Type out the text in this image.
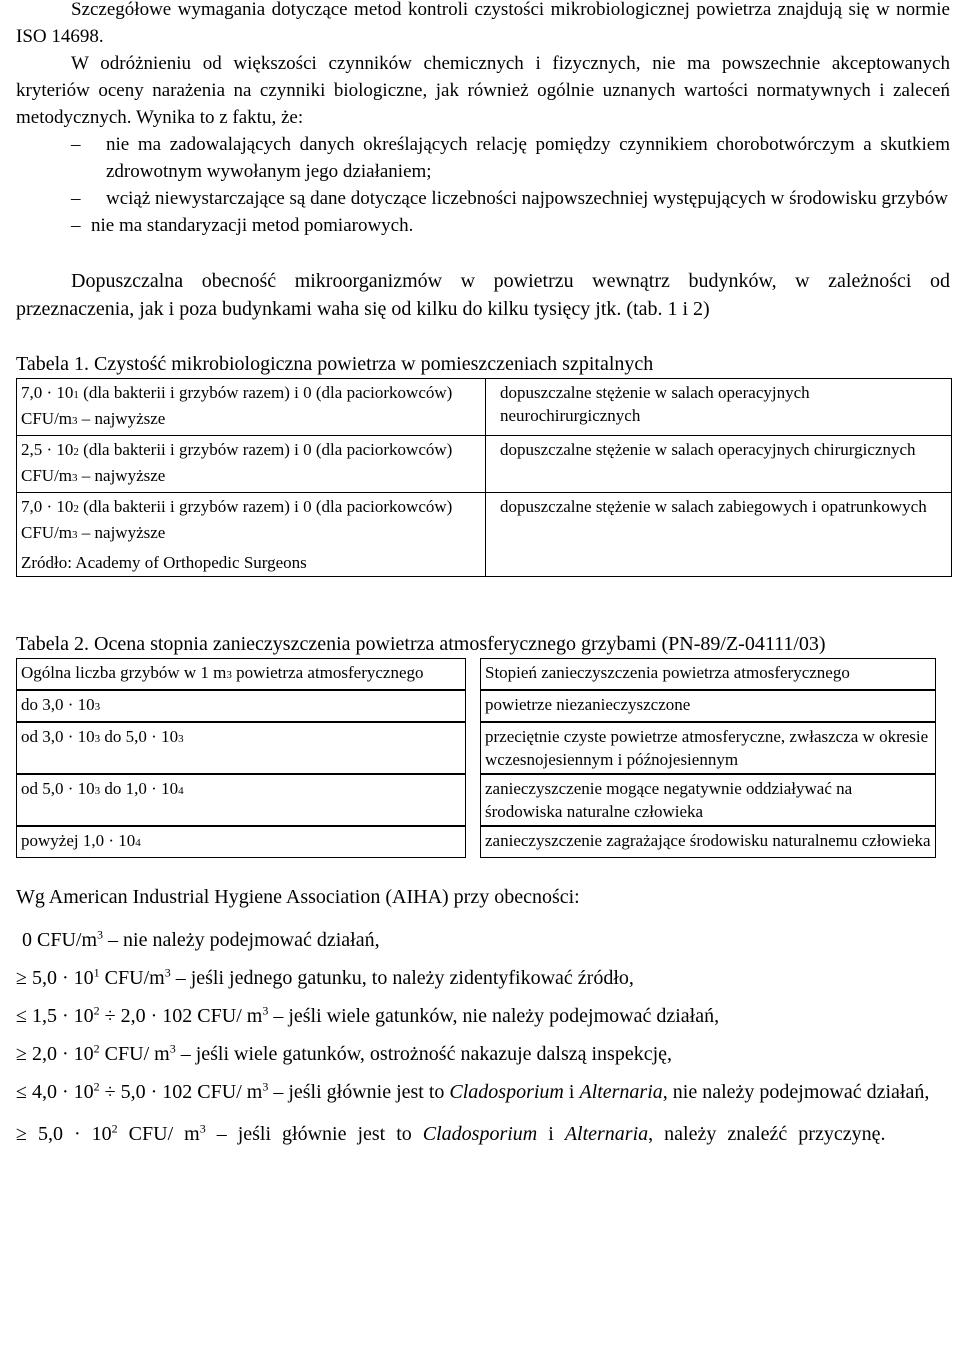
Szczegółowe wymagania dotyczące metod kontroli czystości mikrobiologicznej powietrza znajdują się w normie ISO 14698.

W odróżnieniu od większości czynników chemicznych i fizycznych, nie ma powszechnie akceptowanych kryteriów oceny narażenia na czynniki biologiczne, jak również ogólnie uznanych wartości normatywnych i zaleceń metodycznych. Wynika to z faktu, że:

– nie ma zadowalających danych określających relację pomiędzy czynnikiem chorobotwórczym a skutkiem zdrowotnym wywołanym jego działaniem;

– wciąż niewystarczające są dane dotyczące liczebności najpowszechniej występujących w środowisku grzybów

– nie ma standaryzacji metod pomiarowych.

Dopuszczalna obecność mikroorganizmów w powietrzu wewnątrz budynków, w zależności od przeznaczenia, jak i poza budynkami waha się od kilku do kilku tysięcy jtk. (tab. 1 i 2)

Tabela 1. Czystość mikrobiologiczna powietrza w pomieszczeniach szpitalnych

7,0 · 101 (dla bakterii i grzybów razem) i 0 (dla paciorkowców) CFU/m3 – najwyższe	dopuszczalne stężenie w salach operacyjnych neurochirurgicznych
2,5 · 102 (dla bakterii i grzybów razem) i 0 (dla paciorkowców) CFU/m3 – najwyższe	dopuszczalne stężenie w salach operacyjnych chirurgicznych
7,0 · 102 (dla bakterii i grzybów razem) i 0 (dla paciorkowców) CFU/m3 – najwyższe	dopuszczalne stężenie w salach zabiegowych i opatrunkowych
Zródło: Academy of Orthopedic Surgeons	

Tabela 2. Ocena stopnia zanieczyszczenia powietrza atmosferycznego grzybami (PN-89/Z-04111/03)

Ogólna liczba grzybów w 1 m3 powietrza atmosferycznego		Stopień zanieczyszczenia powietrza atmosferycznego
do 3,0 · 103		powietrze niezanieczyszczone
od 3,0 · 103 do 5,0 · 103		przeciętnie czyste powietrze atmosferyczne, zwłaszcza w okresie wczesnojesiennym i późnojesiennym
od 5,0 · 103 do 1,0 · 104		zanieczyszczenie mogące negatywnie oddziaływać na środowiska naturalne człowieka
powyżej 1,0 · 104		zanieczyszczenie zagrażające środowisku naturalnemu człowieka

Wg American Industrial Hygiene Association (AIHA) przy obecności:

0 CFU/$m^3$ – nie należy podejmować działań,

≥ $5,0 \cdot 10^1$ CFU/$m^3$ – jeśli jednego gatunku, to należy zidentyfikować źródło,

≤ $1,5 \cdot 10^2 \div 2,0 \cdot 102$ CFU/ $m^3$ – jeśli wiele gatunków, nie należy podejmować działań,

≥ $2,0 \cdot 10^2$ CFU/ $m^3$ – jeśli wiele gatunków, ostrożność nakazuje dalszą inspekcję,

≤ $4,0 \cdot 10^2 \div 5,0 \cdot 102$ CFU/ $m^3$ – jeśli głównie jest to Cladosporium i Alternaria, nie należy podejmować działań,

≥ $5,0 \cdot 10^2$ CFU/ $m^3$ – jeśli głównie jest to Cladosporium i Alternaria, należy znaleźć przyczynę.
